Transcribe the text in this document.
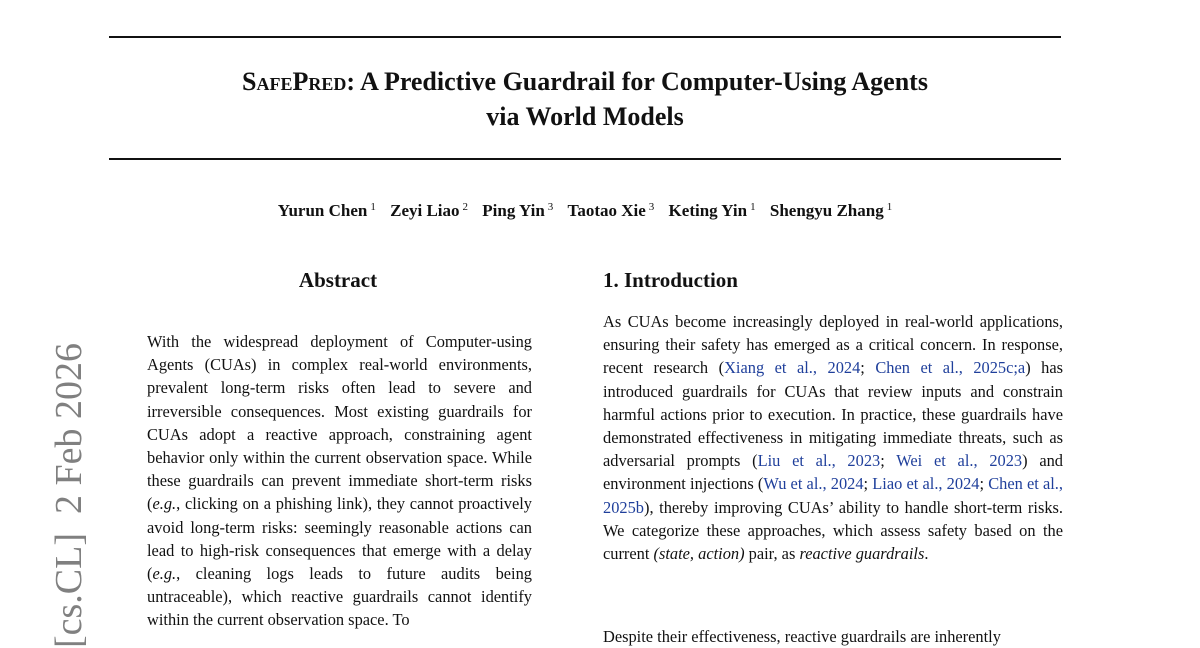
SafePred: A Predictive Guardrail for Computer-Using Agents
via World Models
Yurun Chen $^1$ Zeyi Liao $^2$ Ping Yin $^3$ Taotao Xie $^3$ Keting Yin $^1$ Shengyu Zhang $^1$
[cs.CL]  2 Feb 2026
Abstract
With the widespread deployment of Computer-using Agents (CUAs) in complex real-world environments, prevalent long-term risks often lead to severe and irreversible consequences. Most existing guardrails for CUAs adopt a reactive approach, constraining agent behavior only within the current observation space. While these guardrails can prevent immediate short-term risks (e.g., clicking on a phishing link), they cannot proactively avoid long-term risks: seemingly reasonable actions can lead to high-risk consequences that emerge with a delay (e.g., cleaning logs leads to future audits being untraceable), which reactive guardrails cannot identify within the current observation space. To
1. Introduction
As CUAs become increasingly deployed in real-world applications, ensuring their safety has emerged as a critical concern. In response, recent research (Xiang et al., 2024; Chen et al., 2025c;a) has introduced guardrails for CUAs that review inputs and constrain harmful actions prior to execution. In practice, these guardrails have demonstrated effectiveness in mitigating immediate threats, such as adversarial prompts (Liu et al., 2023; Wei et al., 2023) and environment injections (Wu et al., 2024; Liao et al., 2024; Chen et al., 2025b), thereby improving CUAs’ ability to handle short-term risks. We categorize these approaches, which assess safety based on the current (state, action) pair, as reactive guardrails.
Despite their effectiveness, reactive guardrails are inherently
